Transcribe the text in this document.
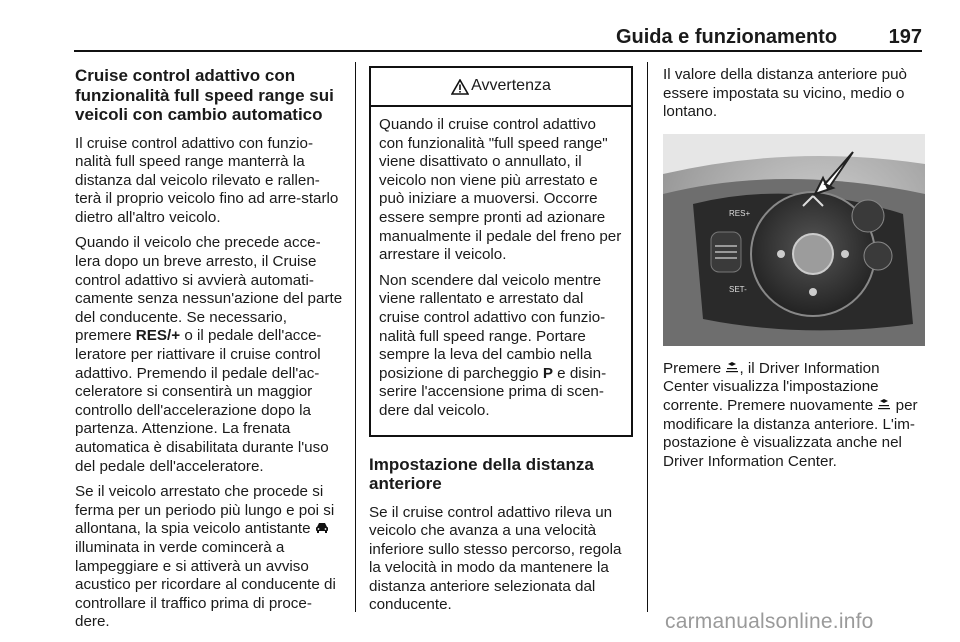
Guida e funzionamento	197
Cruise control adattivo con funzionalità full speed range sui veicoli con cambio automatico

Il cruise control adattivo con funzio-nalità full speed range manterrà la distanza dal veicolo rilevato e rallen-terà il proprio veicolo fino ad arre-starlo dietro all'altro veicolo.

Quando il veicolo che precede acce-lera dopo un breve arresto, il Cruise control adattivo si avvierà automati-camente senza nessun'azione del parte del conducente. Se necessario, premere RES/+ o il pedale dell'acce-leratore per riattivare il cruise control adattivo. Premendo il pedale dell'ac-celeratore si consentirà un maggior controllo dell'accelerazione dopo la partenza. Attenzione. La frenata automatica è disabilitata durante l'uso del pedale dell'acceleratore.

Se il veicolo arrestato che procede si ferma per un periodo più lungo e poi si allontana, la spia veicolo antistante  illuminata in verde comincerà a lampeggiare e si attiverà un avviso acustico per ricordare al conducente di controllare il traffico prima di proce-dere.

Avvertenza

Quando il cruise control adattivo con funzionalità "full speed range" viene disattivato o annullato, il veicolo non viene più arrestato e può iniziare a muoversi. Occorre essere sempre pronti ad azionare manualmente il pedale del freno per arrestare il veicolo.

Non scendere dal veicolo mentre viene rallentato e arrestato dal cruise control adattivo con funzio-nalità full speed range. Portare sempre la leva del cambio nella posizione di parcheggio P e disin-serire l'accensione prima di scen-dere dal veicolo.

Impostazione della distanza anteriore

Se il cruise control adattivo rileva un veicolo che avanza a una velocità inferiore sullo stesso percorso, regola la velocità in modo da mantenere la distanza anteriore selezionata dal conducente.

Il valore della distanza anteriore può essere impostata su vicino, medio o lontano.

RES+
SET-

Premere , il Driver Information Center visualizza l'impostazione corrente. Premere nuovamente  per modificare la distanza anteriore. L'im-postazione è visualizzata anche nel Driver Information Center.

carmanualsonline.info
